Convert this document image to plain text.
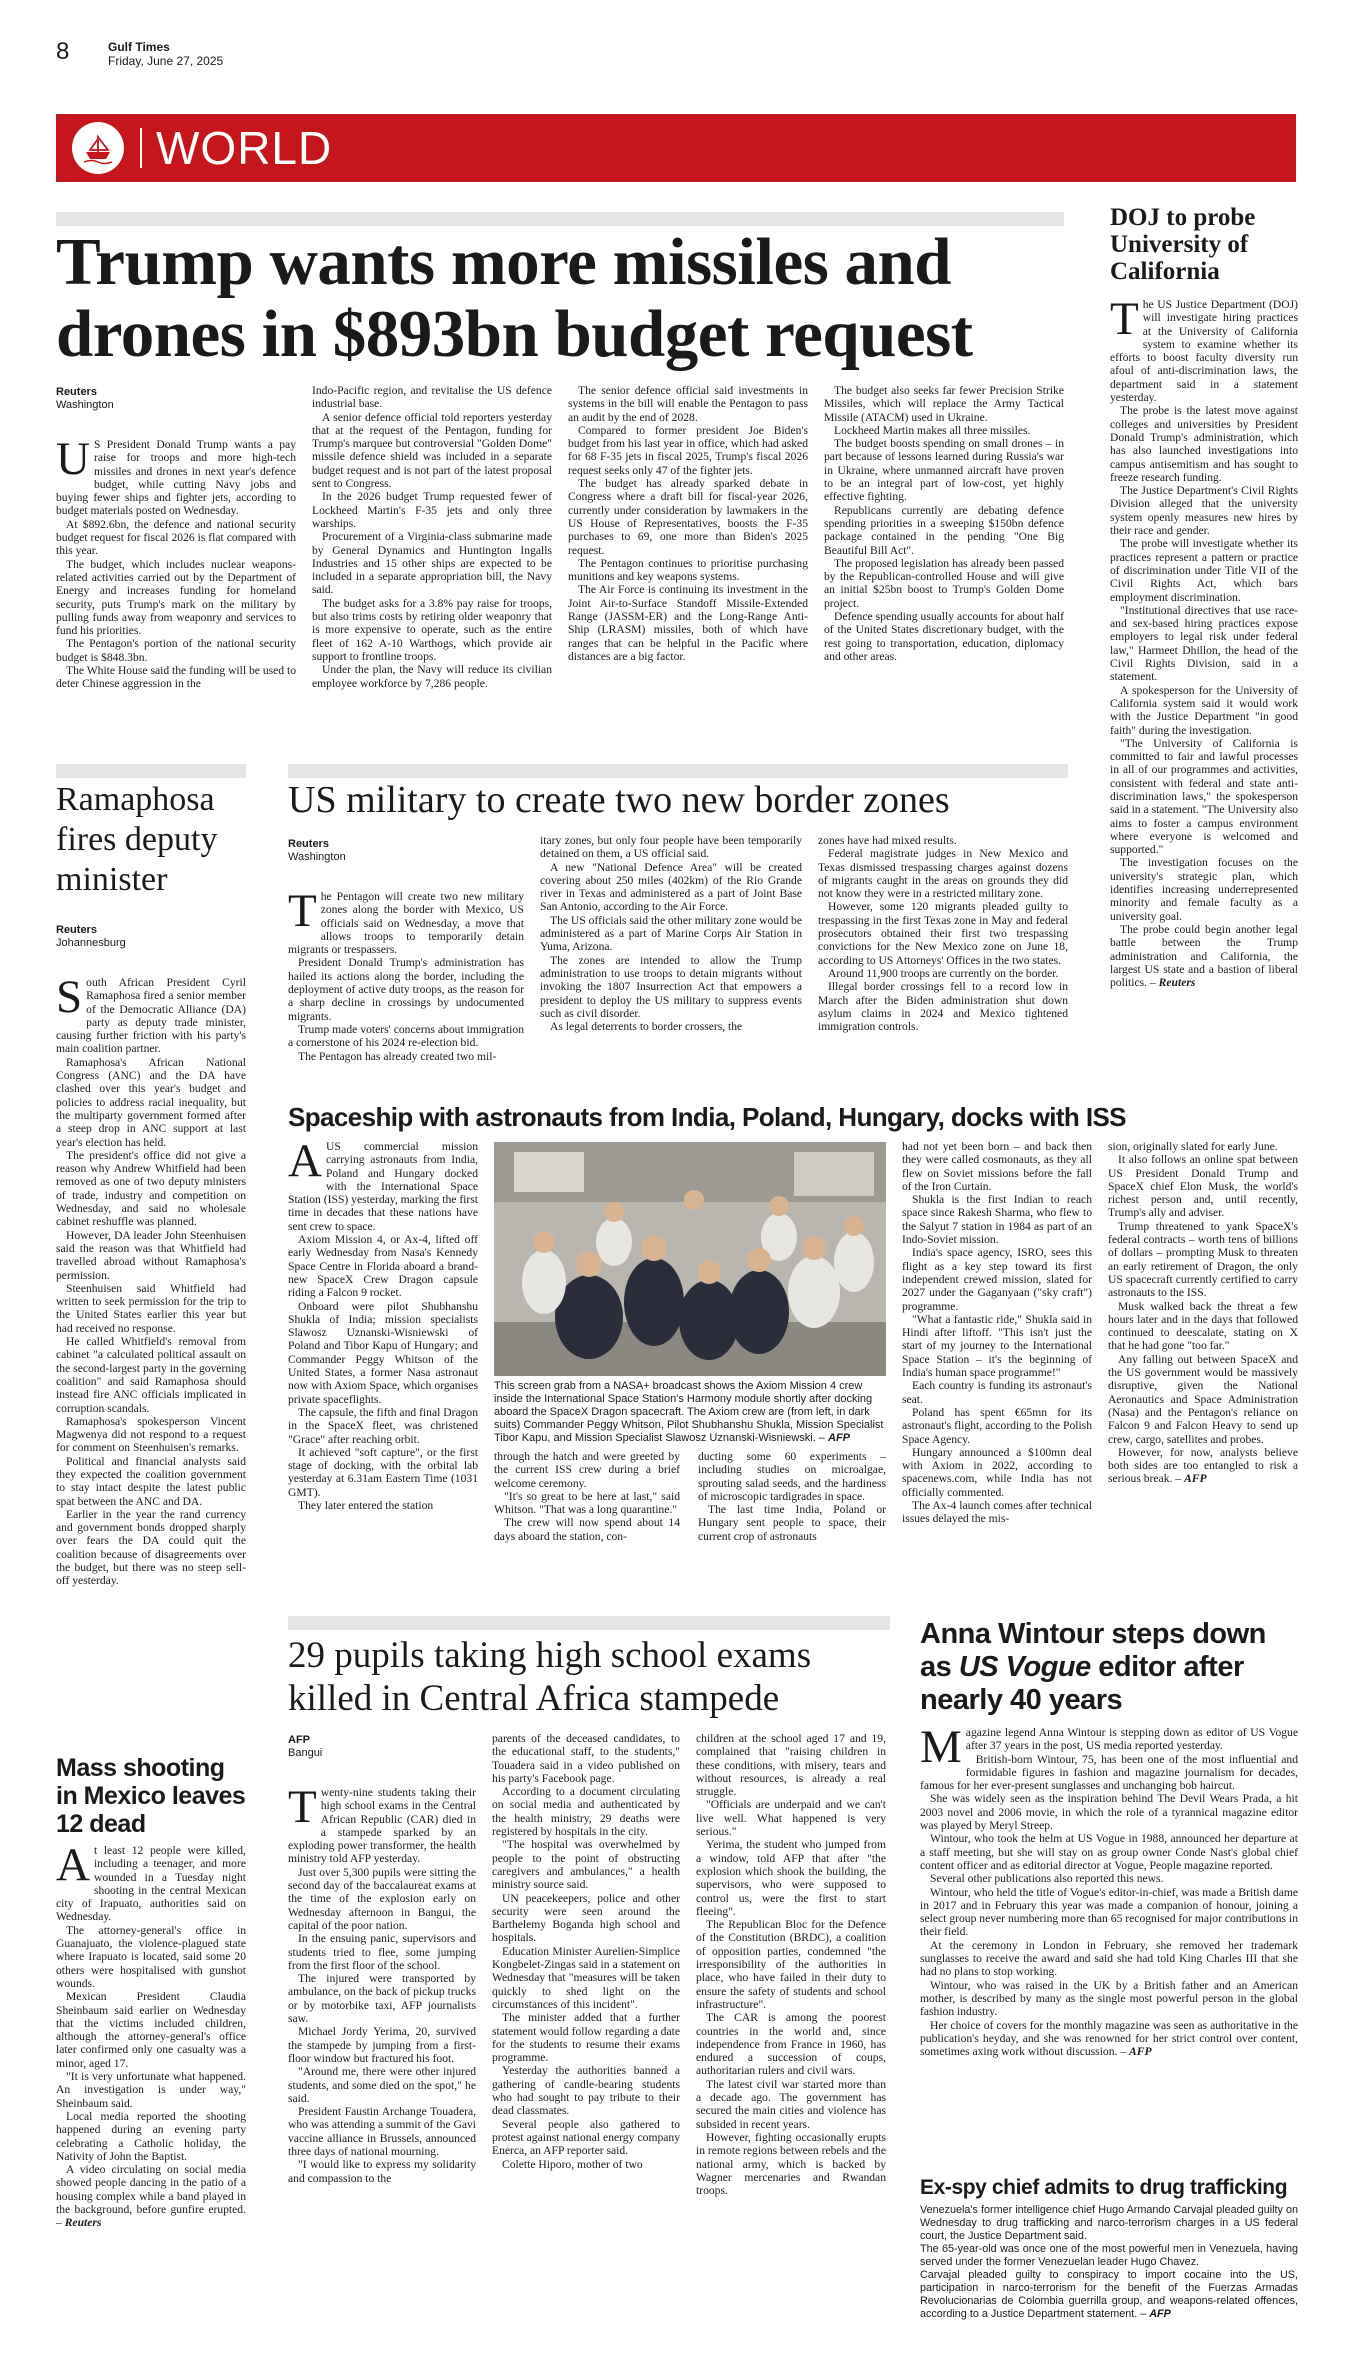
8	Gulf Times
Friday, June 27, 2025
WORLD
Trump wants more missiles and drones in $893bn budget request
Reuters
Washington

US President Donald Trump wants a pay raise for troops and more high-tech missiles and drones in next year's defence budget, while cutting Navy jobs and buying fewer ships and fighter jets, according to budget materials posted on Wednesday.

At $892.6bn, the defence and national security budget request for fiscal 2026 is flat compared with this year.

The budget, which includes nuclear weapons-related activities carried out by the Department of Energy and increases funding for homeland security, puts Trump's mark on the military by pulling funds away from weaponry and services to fund his priorities.

The Pentagon's portion of the national security budget is $848.3bn.

The White House said the funding will be used to deter Chinese aggression in the

Indo-Pacific region, and revitalise the US defence industrial base.

A senior defence official told reporters yesterday that at the request of the Pentagon, funding for Trump's marquee but controversial "Golden Dome" missile defence shield was included in a separate budget request and is not part of the latest proposal sent to Congress.

In the 2026 budget Trump requested fewer of Lockheed Martin's F-35 jets and only three warships.

Procurement of a Virginia-class submarine made by General Dynamics and Huntington Ingalls Industries and 15 other ships are expected to be included in a separate appropriation bill, the Navy said.

The budget asks for a 3.8% pay raise for troops, but also trims costs by retiring older weaponry that is more expensive to operate, such as the entire fleet of 162 A-10 Warthogs, which provide air support to frontline troops.

Under the plan, the Navy will reduce its civilian employee workforce by 7,286 people.

The senior defence official said investments in systems in the bill will enable the Pentagon to pass an audit by the end of 2028.

Compared to former president Joe Biden's budget from his last year in office, which had asked for 68 F-35 jets in fiscal 2025, Trump's fiscal 2026 request seeks only 47 of the fighter jets.

The budget has already sparked debate in Congress where a draft bill for fiscal-year 2026, currently under consideration by lawmakers in the US House of Representatives, boosts the F-35 purchases to 69, one more than Biden's 2025 request.

The Pentagon continues to prioritise purchasing munitions and key weapons systems.

The Air Force is continuing its investment in the Joint Air-to-Surface Standoff Missile-Extended Range (JASSM-ER) and the Long-Range Anti-Ship (LRASM) missiles, both of which have ranges that can be helpful in the Pacific where distances are a big factor.

The budget also seeks far fewer Precision Strike Missiles, which will replace the Army Tactical Missile (ATACM) used in Ukraine.

Lockheed Martin makes all three missiles.

The budget boosts spending on small drones – in part because of lessons learned during Russia's war in Ukraine, where unmanned aircraft have proven to be an integral part of low-cost, yet highly effective fighting.

Republicans currently are debating defence spending priorities in a sweeping $150bn defence package contained in the pending "One Big Beautiful Bill Act".

The proposed legislation has already been passed by the Republican-controlled House and will give an initial $25bn boost to Trump's Golden Dome project.

Defence spending usually accounts for about half of the United States discretionary budget, with the rest going to transportation, education, diplomacy and other areas.

DOJ to probe University of California

The US Justice Department (DOJ) will investigate hiring practices at the University of California system to examine whether its efforts to boost faculty diversity run afoul of anti-discrimination laws, the department said in a statement yesterday.

The probe is the latest move against colleges and universities by President Donald Trump's administration, which has also launched investigations into campus antisemitism and has sought to freeze research funding.

The Justice Department's Civil Rights Division alleged that the university system openly measures new hires by their race and gender.

The probe will investigate whether its practices represent a pattern or practice of discrimination under Title VII of the Civil Rights Act, which bars employment discrimination.

"Institutional directives that use race- and sex-based hiring practices expose employers to legal risk under federal law," Harmeet Dhillon, the head of the Civil Rights Division, said in a statement.

A spokesperson for the University of California system said it would work with the Justice Department "in good faith" during the investigation.

"The University of California is committed to fair and lawful processes in all of our programmes and activities, consistent with federal and state anti-discrimination laws," the spokesperson said in a statement. "The University also aims to foster a campus environment where everyone is welcomed and supported."

The investigation focuses on the university's strategic plan, which identifies increasing underrepresented minority and female faculty as a university goal.

The probe could begin another legal battle between the Trump administration and California, the largest US state and a bastion of liberal politics. – Reuters

Ramaphosa fires deputy minister
Reuters
Johannesburg

South African President Cyril Ramaphosa fired a senior member of the Democratic Alliance (DA) party as deputy trade minister, causing further friction with his party's main coalition partner.

Ramaphosa's African National Congress (ANC) and the DA have clashed over this year's budget and policies to address racial inequality, but the multiparty government formed after a steep drop in ANC support at last year's election has held.

The president's office did not give a reason why Andrew Whitfield had been removed as one of two deputy ministers of trade, industry and competition on Wednesday, and said no wholesale cabinet reshuffle was planned.

However, DA leader John Steenhuisen said the reason was that Whitfield had travelled abroad without Ramaphosa's permission.

Steenhuisen said Whitfield had written to seek permission for the trip to the United States earlier this year but had received no response.

He called Whitfield's removal from cabinet "a calculated political assault on the second-largest party in the governing coalition" and said Ramaphosa should instead fire ANC officials implicated in corruption scandals.

Ramaphosa's spokesperson Vincent Magwenya did not respond to a request for comment on Steenhuisen's remarks.

Political and financial analysts said they expected the coalition government to stay intact despite the latest public spat between the ANC and DA.

Earlier in the year the rand currency and government bonds dropped sharply over fears the DA could quit the coalition because of disagreements over the budget, but there was no steep sell-off yesterday.

US military to create two new border zones
Reuters
Washington

The Pentagon will create two new military zones along the border with Mexico, US officials said on Wednesday, a move that allows troops to temporarily detain migrants or trespassers.

President Donald Trump's administration has hailed its actions along the border, including the deployment of active duty troops, as the reason for a sharp decline in crossings by undocumented migrants.

Trump made voters' concerns about immigration a cornerstone of his 2024 re-election bid.

The Pentagon has already created two mil-

itary zones, but only four people have been temporarily detained on them, a US official said.

A new "National Defence Area" will be created covering about 250 miles (402km) of the Rio Grande river in Texas and administered as a part of Joint Base San Antonio, according to the Air Force.

The US officials said the other military zone would be administered as a part of Marine Corps Air Station in Yuma, Arizona.

The zones are intended to allow the Trump administration to use troops to detain migrants without invoking the 1807 Insurrection Act that empowers a president to deploy the US military to suppress events such as civil disorder.

As legal deterrents to border crossers, the

zones have had mixed results.

Federal magistrate judges in New Mexico and Texas dismissed trespassing charges against dozens of migrants caught in the areas on grounds they did not know they were in a restricted military zone.

However, some 120 migrants pleaded guilty to trespassing in the first Texas zone in May and federal prosecutors obtained their first two trespassing convictions for the New Mexico zone on June 18, according to US Attorneys' Offices in the two states.

Around 11,900 troops are currently on the border.

Illegal border crossings fell to a record low in March after the Biden administration shut down asylum claims in 2024 and Mexico tightened immigration controls.

Spaceship with astronauts from India, Poland, Hungary, docks with ISS

AUS commercial mission carrying astronauts from India, Poland and Hungary docked with the International Space Station (ISS) yesterday, marking the first time in decades that these nations have sent crew to space.

Axiom Mission 4, or Ax-4, lifted off early Wednesday from Nasa's Kennedy Space Centre in Florida aboard a brand-new SpaceX Crew Dragon capsule riding a Falcon 9 rocket.

Onboard were pilot Shubhanshu Shukla of India; mission specialists Slawosz Uznanski-Wisniewski of Poland and Tibor Kapu of Hungary; and Commander Peggy Whitson of the United States, a former Nasa astronaut now with Axiom Space, which organises private spaceflights.

The capsule, the fifth and final Dragon in the SpaceX fleet, was christened "Grace" after reaching orbit.

It achieved "soft capture", or the first stage of docking, with the orbital lab yesterday at 6.31am Eastern Time (1031 GMT).

They later entered the station

This screen grab from a NASA+ broadcast shows the Axiom Mission 4 crew inside the International Space Station's Harmony module shortly after docking aboard the SpaceX Dragon spacecraft. The Axiom crew are (from left, in dark suits) Commander Peggy Whitson, Pilot Shubhanshu Shukla, Mission Specialist Tibor Kapu, and Mission Specialist Slawosz Uznanski-Wisniewski. – AFP

through the hatch and were greeted by the current ISS crew during a brief welcome ceremony.

"It's so great to be here at last," said Whitson. "That was a long quarantine."

The crew will now spend about 14 days aboard the station, con-

ducting some 60 experiments – including studies on microalgae, sprouting salad seeds, and the hardiness of microscopic tardigrades in space.

The last time India, Poland or Hungary sent people to space, their current crop of astronauts

had not yet been born – and back then they were called cosmonauts, as they all flew on Soviet missions before the fall of the Iron Curtain.

Shukla is the first Indian to reach space since Rakesh Sharma, who flew to the Salyut 7 station in 1984 as part of an Indo-Soviet mission.

India's space agency, ISRO, sees this flight as a key step toward its first independent crewed mission, slated for 2027 under the Gaganyaan ("sky craft") programme.

"What a fantastic ride," Shukla said in Hindi after liftoff. "This isn't just the start of my journey to the International Space Station – it's the beginning of India's human space programme!"

Each country is funding its astronaut's seat.

Poland has spent €65mn for its astronaut's flight, according to the Polish Space Agency.

Hungary announced a $100mn deal with Axiom in 2022, according to spacenews.com, while India has not officially commented.

The Ax-4 launch comes after technical issues delayed the mis-

sion, originally slated for early June.

It also follows an online spat between US President Donald Trump and SpaceX chief Elon Musk, the world's richest person and, until recently, Trump's ally and adviser.

Trump threatened to yank SpaceX's federal contracts – worth tens of billions of dollars – prompting Musk to threaten an early retirement of Dragon, the only US spacecraft currently certified to carry astronauts to the ISS.

Musk walked back the threat a few hours later and in the days that followed continued to deescalate, stating on X that he had gone "too far."

Any falling out between SpaceX and the US government would be massively disruptive, given the National Aeronautics and Space Administration (Nasa) and the Pentagon's reliance on Falcon 9 and Falcon Heavy to send up crew, cargo, satellites and probes.

However, for now, analysts believe both sides are too entangled to risk a serious break. – AFP

Mass shooting in Mexico leaves 12 dead

At least 12 people were killed, including a teenager, and more wounded in a Tuesday night shooting in the central Mexican city of Irapuato, authorities said on Wednesday.

The attorney-general's office in Guanajuato, the violence-plagued state where Irapuato is located, said some 20 others were hospitalised with gunshot wounds.

Mexican President Claudia Sheinbaum said earlier on Wednesday that the victims included children, although the attorney-general's office later confirmed only one casualty was a minor, aged 17.

"It is very unfortunate what happened. An investigation is under way," Sheinbaum said.

Local media reported the shooting happened during an evening party celebrating a Catholic holiday, the Nativity of John the Baptist.

A video circulating on social media showed people dancing in the patio of a housing complex while a band played in the background, before gunfire erupted. – Reuters

29 pupils taking high school exams killed in Central Africa stampede
AFP
Bangui

Twenty-nine students taking their high school exams in the Central African Republic (CAR) died in a stampede sparked by an exploding power transformer, the health ministry told AFP yesterday.

Just over 5,300 pupils were sitting the second day of the baccalaureat exams at the time of the explosion early on Wednesday afternoon in Bangui, the capital of the poor nation.

In the ensuing panic, supervisors and students tried to flee, some jumping from the first floor of the school.

The injured were transported by ambulance, on the back of pickup trucks or by motorbike taxi, AFP journalists saw.

Michael Jordy Yerima, 20, survived the stampede by jumping from a first-floor window but fractured his foot.

"Around me, there were other injured students, and some died on the spot," he said.

President Faustin Archange Touadera, who was attending a summit of the Gavi vaccine alliance in Brussels, announced three days of national mourning.

"I would like to express my solidarity and compassion to the

parents of the deceased candidates, to the educational staff, to the students," Touadera said in a video published on his party's Facebook page.

According to a document circulating on social media and authenticated by the health ministry, 29 deaths were registered by hospitals in the city.

"The hospital was overwhelmed by people to the point of obstructing caregivers and ambulances," a health ministry source said.

UN peacekeepers, police and other security were seen around the Barthelemy Boganda high school and hospitals.

Education Minister Aurelien-Simplice Kongbelet-Zingas said in a statement on Wednesday that "measures will be taken quickly to shed light on the circumstances of this incident".

The minister added that a further statement would follow regarding a date for the students to resume their exams programme.

Yesterday the authorities banned a gathering of candle-bearing students who had sought to pay tribute to their dead classmates.

Several people also gathered to protest against national energy company Enerca, an AFP reporter said.

Colette Hiporo, mother of two

children at the school aged 17 and 19, complained that "raising children in these conditions, with misery, tears and without resources, is already a real struggle.

"Officials are underpaid and we can't live well. What happened is very serious."

Yerima, the student who jumped from a window, told AFP that after "the explosion which shook the building, the supervisors, who were supposed to control us, were the first to start fleeing".

The Republican Bloc for the Defence of the Constitution (BRDC), a coalition of opposition parties, condemned "the irresponsibility of the authorities in place, who have failed in their duty to ensure the safety of students and school infrastructure".

The CAR is among the poorest countries in the world and, since independence from France in 1960, has endured a succession of coups, authoritarian rulers and civil wars.

The latest civil war started more than a decade ago. The government has secured the main cities and violence has subsided in recent years.

However, fighting occasionally erupts in remote regions between rebels and the national army, which is backed by Wagner mercenaries and Rwandan troops.

Anna Wintour steps down as US Vogue editor after nearly 40 years

Magazine legend Anna Wintour is stepping down as editor of US Vogue after 37 years in the post, US media reported yesterday.

British-born Wintour, 75, has been one of the most influential and formidable figures in fashion and magazine journalism for decades, famous for her ever-present sunglasses and unchanging bob haircut.

She was widely seen as the inspiration behind The Devil Wears Prada, a hit 2003 novel and 2006 movie, in which the role of a tyrannical magazine editor was played by Meryl Streep.

Wintour, who took the helm at US Vogue in 1988, announced her departure at a staff meeting, but she will stay on as group owner Conde Nast's global chief content officer and as editorial director at Vogue, People magazine reported.

Several other publications also reported this news.

Wintour, who held the title of Vogue's editor-in-chief, was made a British dame in 2017 and in February this year was made a companion of honour, joining a select group never numbering more than 65 recognised for major contributions in their field.

At the ceremony in London in February, she removed her trademark sunglasses to receive the award and said she had told King Charles III that she had no plans to stop working.

Wintour, who was raised in the UK by a British father and an American mother, is described by many as the single most powerful person in the global fashion industry.

Her choice of covers for the monthly magazine was seen as authoritative in the publication's heyday, and she was renowned for her strict control over content, sometimes axing work without discussion. – AFP

Ex-spy chief admits to drug trafficking

Venezuela's former intelligence chief Hugo Armando Carvajal pleaded guilty on Wednesday to drug trafficking and narco-terrorism charges in a US federal court, the Justice Department said.

The 65-year-old was once one of the most powerful men in Venezuela, having served under the former Venezuelan leader Hugo Chavez.

Carvajal pleaded guilty to conspiracy to import cocaine into the US, participation in narco-terrorism for the benefit of the Fuerzas Armadas Revolucionarias de Colombia guerrilla group, and weapons-related offences, according to a Justice Department statement. – AFP
